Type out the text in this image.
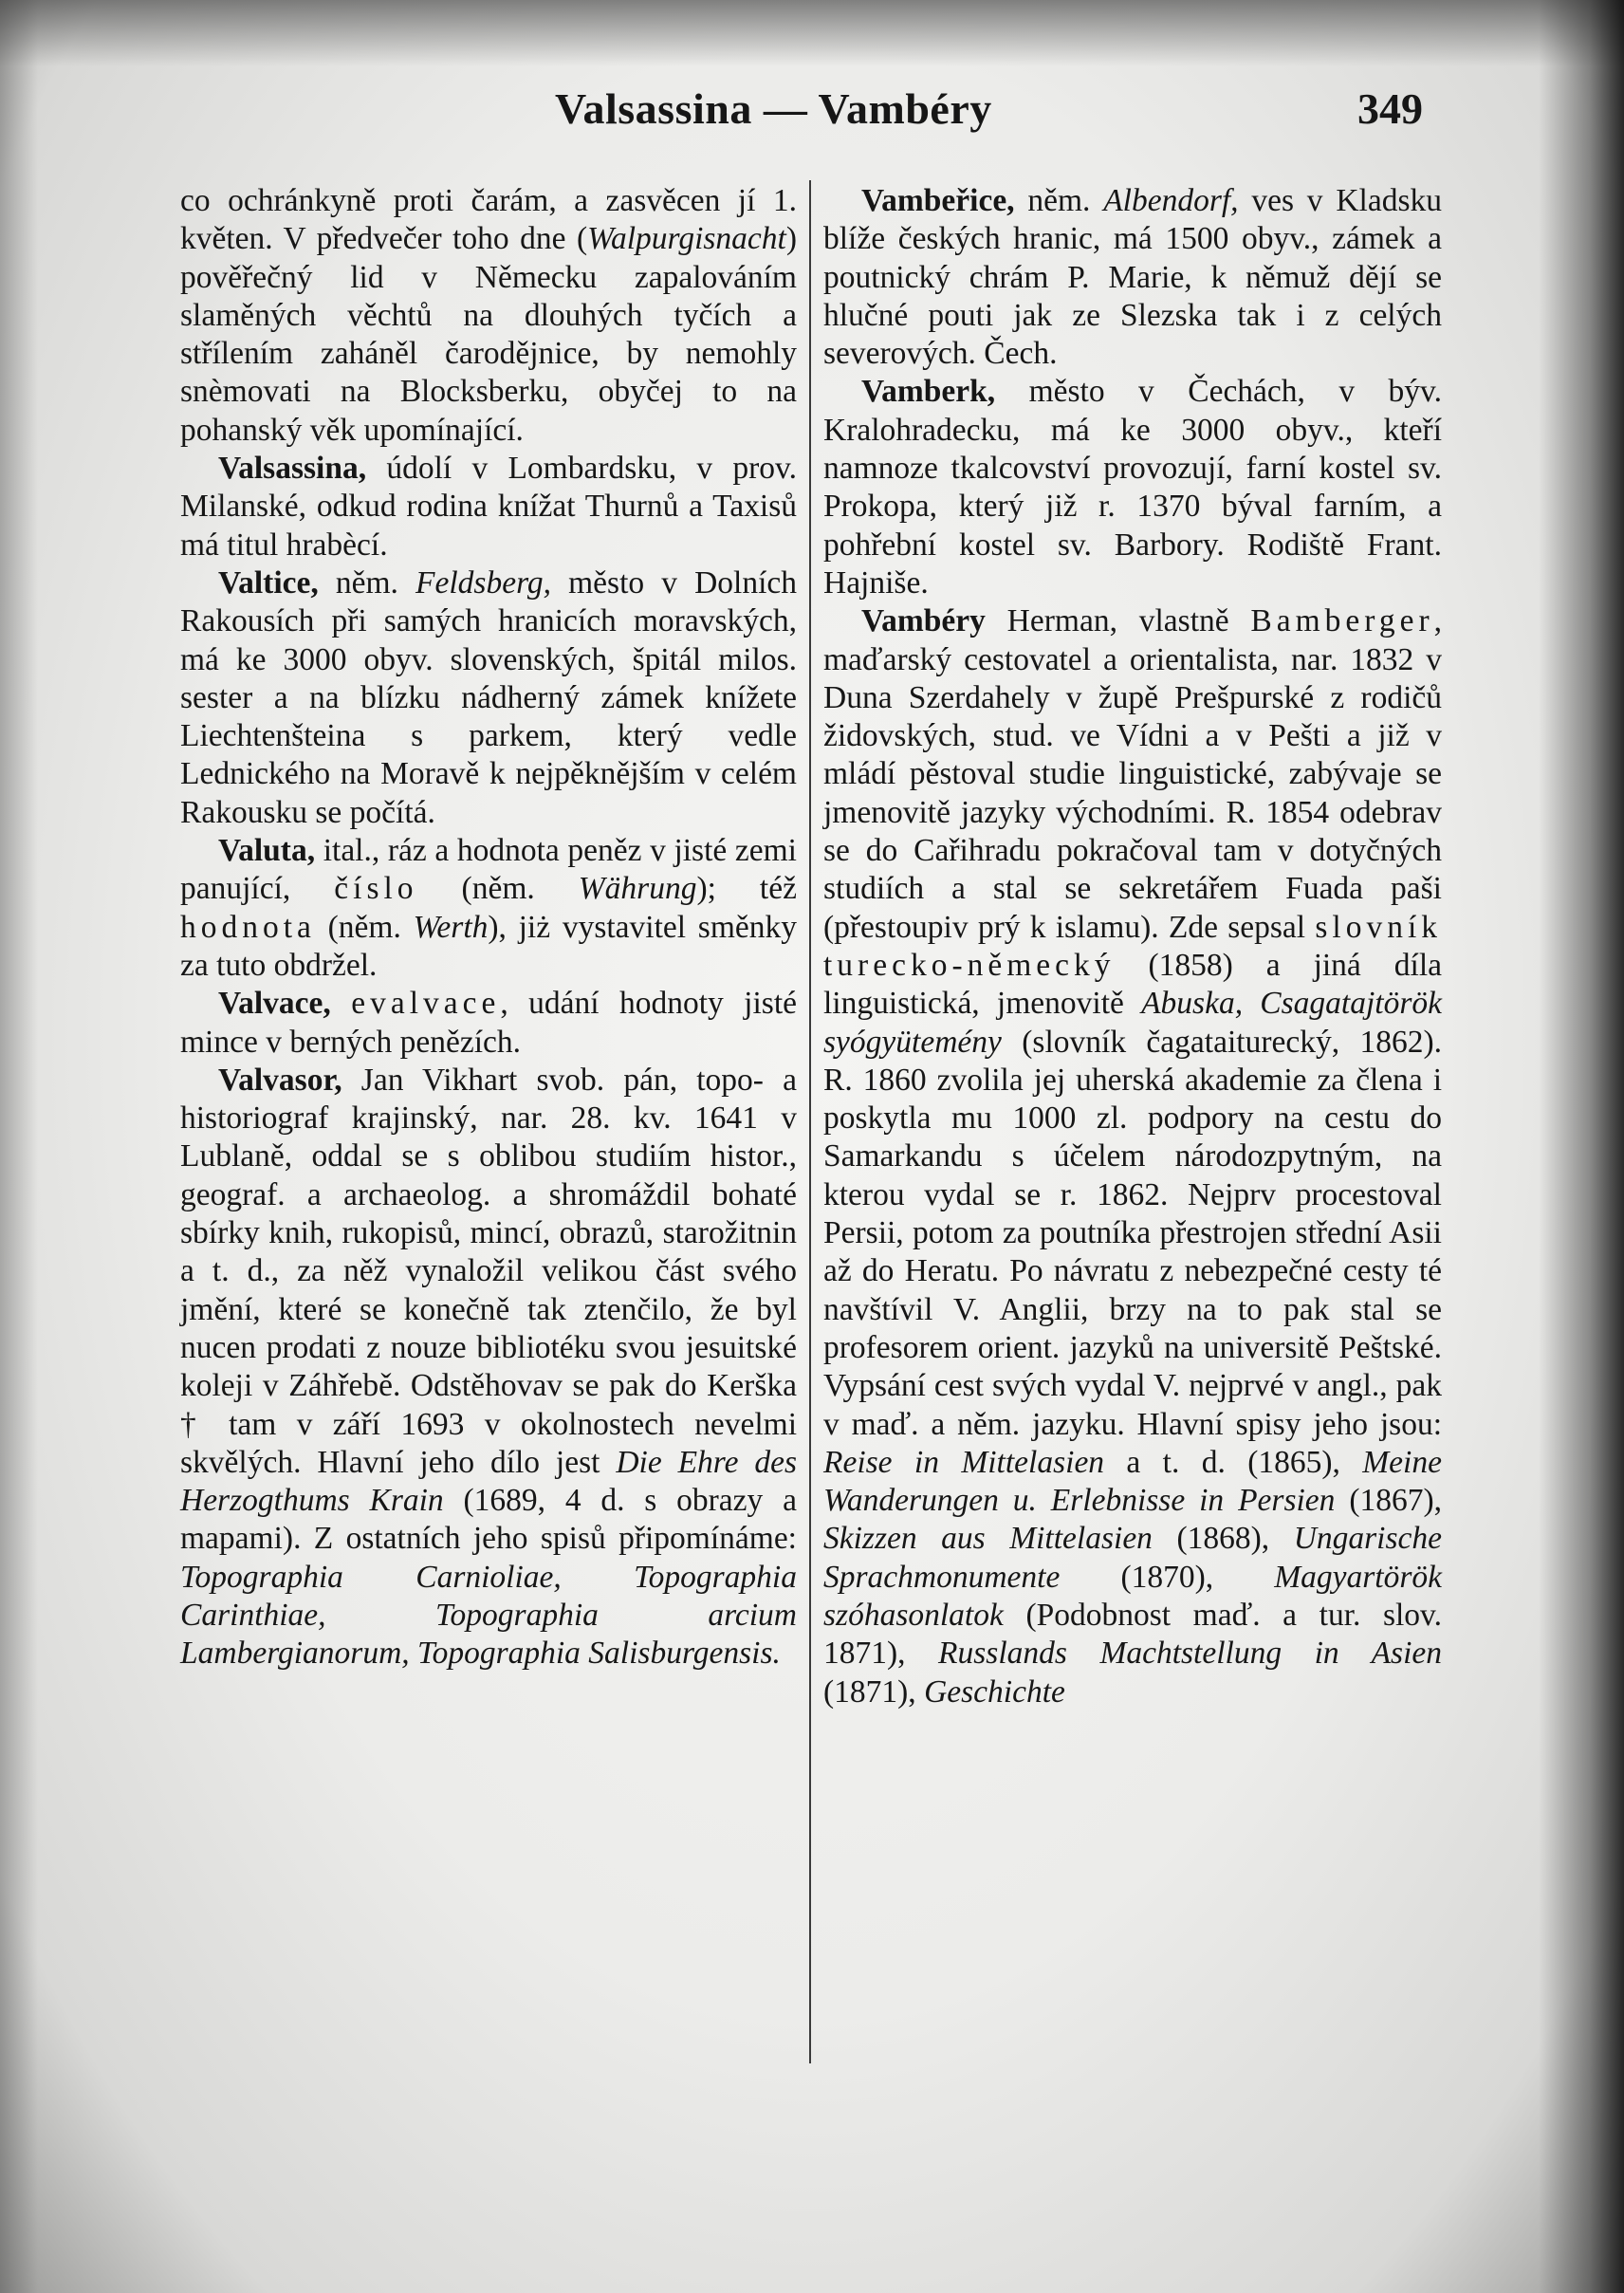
Valsassina — Vambéry	349

co ochránkyně proti čarám, a zasvěcen jí 1. květen. V předvečer toho dne (Walpurgisnacht) pověřečný lid v Německu zapalováním slaměných věchtů na dlouhých tyčích a střílením zaháněl čarodějnice, by nemohly snèmovati na Blocksberku, obyčej to na pohanský věk upomínající.

Valsassina, údolí v Lombardsku, v prov. Milanské, odkud rodina knížat Thurnů a Taxisů má titul hrabècí.

Valtice, něm. Feldsberg, město v Dolních Rakousích při samých hranicích moravských, má ke 3000 obyv. slovenských, špitál milos. sester a na blízku nádherný zámek knížete Liechtenšteina s parkem, který vedle Lednického na Moravě k nejpěknějším v celém Rakousku se počítá.

Valuta, ital., ráz a hodnota peněz v jisté zemi panující, číslo (něm. Währung); též hodnota (něm. Werth), jiż vystavitel směnky za tuto obdržel.

Valvace, evalvace, udání hodnoty jisté mince v berných penězích.

Valvasor, Jan Vikhart svob. pán, topo- a historiograf krajinský, nar. 28. kv. 1641 v Lublaně, oddal se s oblibou studiím histor., geograf. a archaeolog. a shromáždil bohaté sbírky knih, rukopisů, mincí, obrazů, starožitnin a t. d., za něž vynaložil velikou část svého jmění, které se konečně tak ztenčilo, že byl nucen prodati z nouze bibliotéku svou jesuitské koleji v Záhřebě. Odstěhovav se pak do Kerška † tam v září 1693 v okolnostech nevelmi skvělých. Hlavní jeho dílo jest Die Ehre des Herzogthums Krain (1689, 4 d. s obrazy a mapami). Z ostatních jeho spisů připomínáme: Topographia Carnioliae, Topographia Carinthiae, Topographia arcium Lambergianorum, Topographia Salisburgensis.

Vambeřice, něm. Albendorf, ves v Kladsku blíže českých hranic, má 1500 obyv., zámek a poutnický chrám P. Marie, k němuž dějí se hlučné pouti jak ze Slezska tak i z celých severových. Čech.

Vamberk, město v Čechách, v býv. Kralohradecku, má ke 3000 obyv., kteří namnoze tkalcovství provozují, farní kostel sv. Prokopa, který již r. 1370 býval farním, a pohřební kostel sv. Barbory. Rodiště Frant. Hajniše.

Vambéry Herman, vlastně Bamberger, maďarský cestovatel a orientalista, nar. 1832 v Duna Szerdahely v župě Prešpurské z rodičů židovských, stud. ve Vídni a v Pešti a již v mládí pěstoval studie linguistické, zabývaje se jmenovitě jazyky východními. R. 1854 odebrav se do Cařihradu pokračoval tam v dotyčných studiích a stal se sekretářem Fuada paši (přestoupiv prý k islamu). Zde sepsal slovník turecko-německý (1858) a jiná díla linguistická, jmenovitě Abuska, Csagatajtörök syógyütemény (slovník čagataiturecký, 1862). R. 1860 zvolila jej uherská akademie za člena i poskytla mu 1000 zl. podpory na cestu do Samarkandu s účelem národozpytným, na kterou vydal se r. 1862. Nejprv procestoval Persii, potom za poutníka přestrojen střední Asii až do Heratu. Po návratu z nebezpečné cesty té navštívil V. Anglii, brzy na to pak stal se profesorem orient. jazyků na universitě Peštské. Vypsání cest svých vydal V. nejprvé v angl., pak v maď. a něm. jazyku. Hlavní spisy jeho jsou: Reise in Mittelasien a t. d. (1865), Meine Wanderungen u. Erlebnisse in Persien (1867), Skizzen aus Mittelasien (1868), Ungarische Sprachmonumente (1870), Magyartörök szóhasonlatok (Podobnost maď. a tur. slov. 1871), Russlands Machtstellung in Asien (1871), Geschichte
